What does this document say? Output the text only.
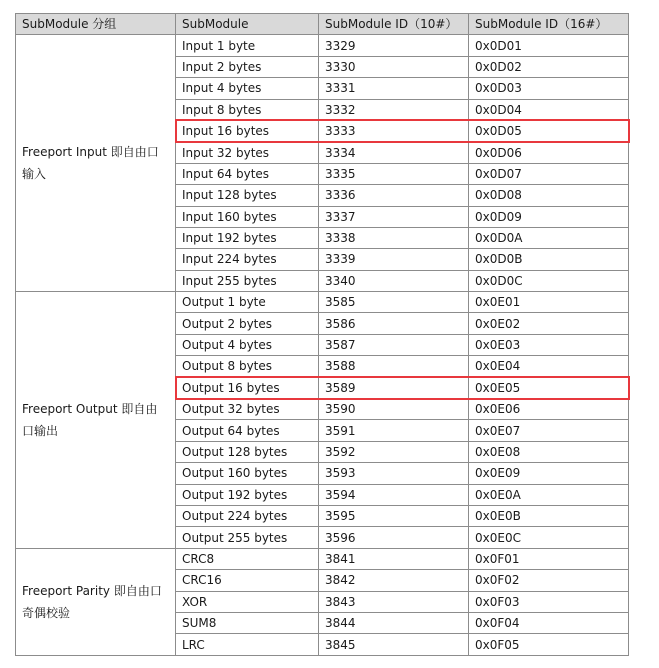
SubModule 分组	SubModule	SubModule ID（10#）	SubModule ID（16#）
Freeport Input 即自由口输入	Input 1 byte	3329	0x0D01
	Input 2 bytes	3330	0x0D02
	Input 4 bytes	3331	0x0D03
	Input 8 bytes	3332	0x0D04
	Input 16 bytes	3333	0x0D05
	Input 32 bytes	3334	0x0D06
	Input 64 bytes	3335	0x0D07
	Input 128 bytes	3336	0x0D08
	Input 160 bytes	3337	0x0D09
	Input 192 bytes	3338	0x0D0A
	Input 224 bytes	3339	0x0D0B
	Input 255 bytes	3340	0x0D0C
Freeport Output 即自由口输出	Output 1 byte	3585	0x0E01
	Output 2 bytes	3586	0x0E02
	Output 4 bytes	3587	0x0E03
	Output 8 bytes	3588	0x0E04
	Output 16 bytes	3589	0x0E05
	Output 32 bytes	3590	0x0E06
	Output 64 bytes	3591	0x0E07
	Output 128 bytes	3592	0x0E08
	Output 160 bytes	3593	0x0E09
	Output 192 bytes	3594	0x0E0A
	Output 224 bytes	3595	0x0E0B
	Output 255 bytes	3596	0x0E0C
Freeport Parity 即自由口奇偶校验	CRC8	3841	0x0F01
	CRC16	3842	0x0F02
	XOR	3843	0x0F03
	SUM8	3844	0x0F04
	LRC	3845	0x0F05
